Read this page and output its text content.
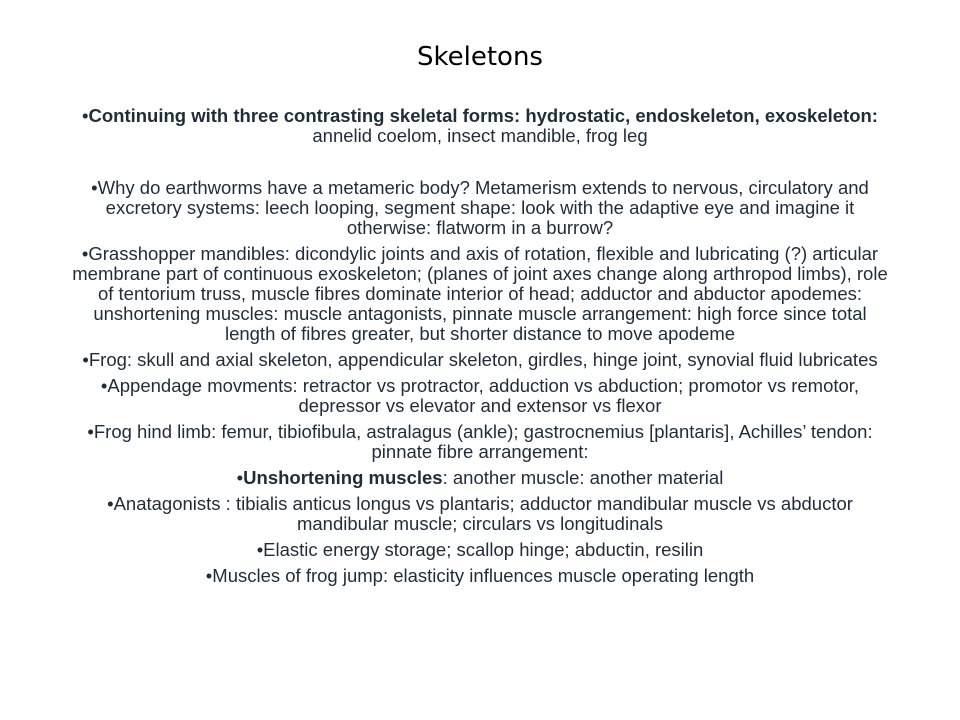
Skeletons

•Continuing with three contrasting skeletal forms: hydrostatic, endoskeleton, exoskeleton: annelid coelom, insect mandible, frog leg

•Why do earthworms have a metameric body? Metamerism extends to nervous, circulatory and excretory systems: leech looping, segment shape: look with the adaptive eye and imagine it otherwise: flatworm in a burrow?

•Grasshopper mandibles: dicondylic joints and axis of rotation, flexible and lubricating (?) articular membrane part of continuous exoskeleton; (planes of joint axes change along arthropod limbs), role of tentorium truss, muscle fibres dominate interior of head; adductor and abductor apodemes: unshortening muscles: muscle antagonists, pinnate muscle arrangement: high force since total length of fibres greater, but shorter distance to move apodeme

•Frog: skull and axial skeleton, appendicular skeleton, girdles, hinge joint, synovial fluid lubricates

•Appendage movments: retractor vs protractor, adduction vs abduction; promotor vs remotor, depressor vs elevator and extensor vs flexor

•Frog hind limb: femur, tibiofibula, astralagus (ankle); gastrocnemius [plantaris], Achilles’ tendon: pinnate fibre arrangement:

•Unshortening muscles: another muscle: another material

•Anatagonists : tibialis anticus longus vs plantaris; adductor mandibular muscle vs abductor mandibular muscle; circulars vs longitudinals

•Elastic energy storage; scallop hinge; abductin, resilin

•Muscles of frog jump: elasticity influences muscle operating length
